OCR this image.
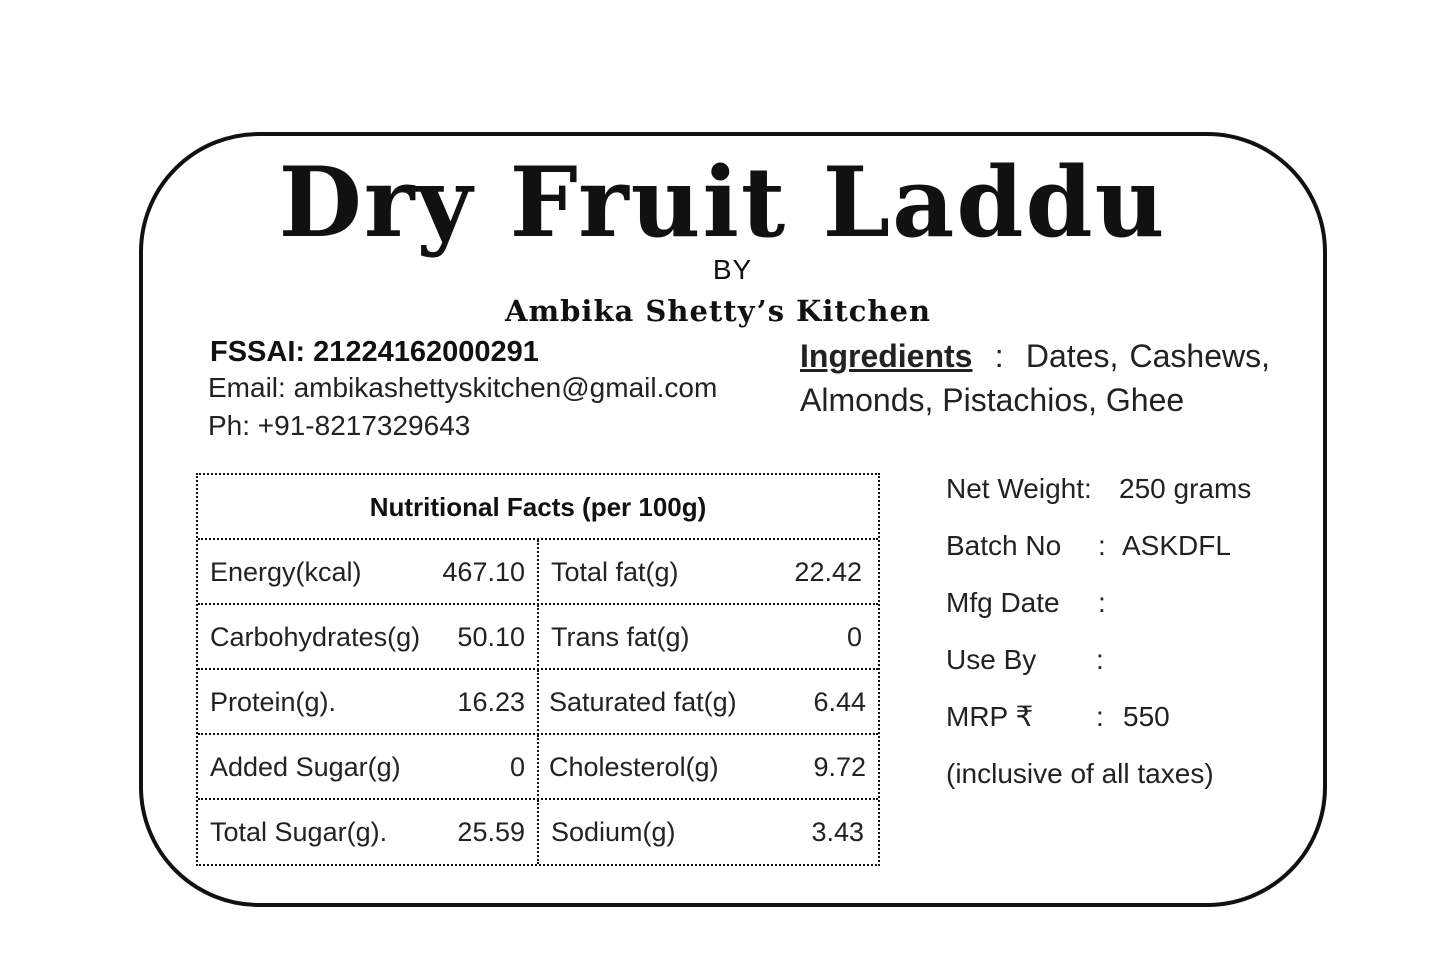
Dry Fruit Laddu
BY
Ambika Shetty’s Kitchen
FSSAI: 21224162000291
Email: ambikashettyskitchen@gmail.com
Ph: +91-8217329643
Ingredients : Dates, Cashews, Almonds, Pistachios, Ghee
Nutritional Facts (per 100g)
Energy(kcal)	467.10 Total fat(g)	22.42
Carbohydrates(g) 50.10 Trans fat(g)	0
Protein(g).	16.23 Saturated fat(g)	6.44
Added Sugar(g)	0 Cholesterol(g)	9.72
Total Sugar(g).	25.59 Sodium(g)	3.43
Net Weight: 250 grams
Batch No : ASKDFL
Mfg Date :
Use By :
MRP ₹ : 550
(inclusive of all taxes)
